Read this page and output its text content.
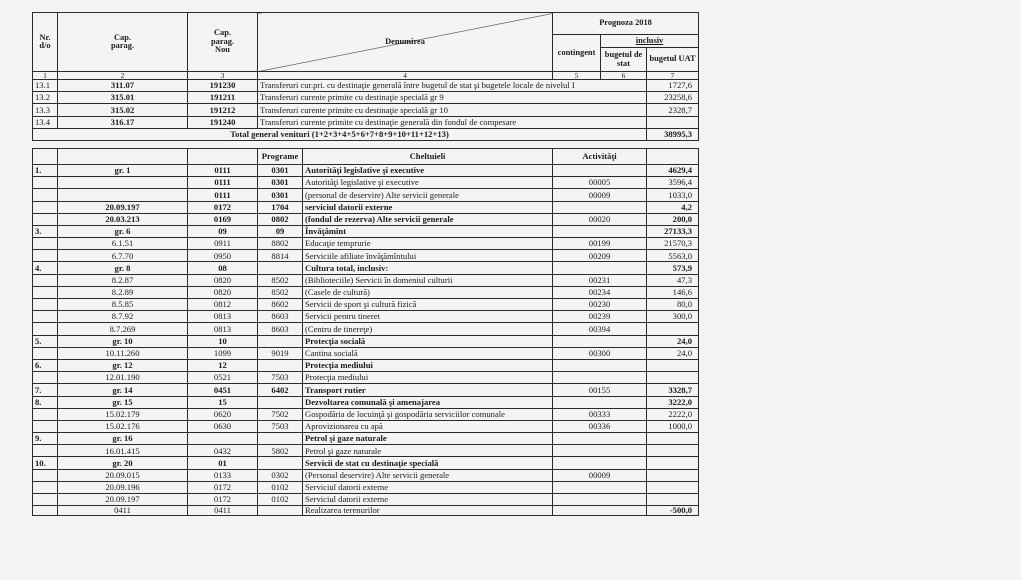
Nr.
d/o	Cap.
parag.	Cap.
parag.
Nou	Denumirea		Prognoza 2018		
					contingent	inclusiv	
						bugetul de stat	bugetul UAT
1	2	3	4		5	6	7
13.1	311.07	191230	Transferuri cur.pri. cu destinaţie generală între bugetul de stat şi bugetele locale de nivelul I				1727,6
13.2	315.01	191211	Transferuri curente primite cu destinaţie specială gr 9				23258,6
13.3	315.02	191212	Transferuri curente primite cu destinaţie specială gr 10				2328,7
13.4	316.17	191240	Transferuri curente primite cu destinaţie generală din fondul de compesare				
Total general venituri (1+2+3+4+5+6+7+8+9+10+11+12+13)							38995,3

			Programe	Cheltuieli	Activităţi		
1.	gr. 1	0111	0301	Autorităţi legislative şi executive			4629,4
		0111	0301	Autorităţi legislative şi executive	00005		3596,4
		0111	0301	(personal de deservire) Alte servicii generale	00009		1033,0
	20.09.197	0172	1704	serviciul datorii externe			4,2
	20.03.213	0169	0802	(fondul de rezerva) Alte servicii generale	00020		200,0
3.	gr. 6	09	09	Învăţămînt			27133,3
	6.1.51	0911	8802	Educaţie temprurie	00199		21570,3
	6.7.70	0950	8814	Serviciile afiliate învăţămîntului	00209		5563,0
4.	gr. 8	08		Cultura total, inclusiv:			573,9
	8.2.87	0820	8502	(Biblioteciile) Servicii în domeniul culturii	00231		47,3
	8.2.89	0820	8502	(Casele de cultură)	00234		146,6
	8.5.85	0812	8602	Servicii de sport şi cultură fizică	00230		80,0
	8.7.92	0813	8603	Servicii pentru tineret	00239		300,0
	8.7.269	0813	8603	(Centru de tinereţe)	00394		
5.	gr. 10	10		Protecţia socială			24,0
	10.11.260	1099	9019	Cantina socială	00300		24,0
6.	gr. 12	12		Protecţia mediului			
	12.01.190	0521	7503	Protecţia mediului			
7.	gr. 14	0451	6402	Transport rutier	00155		3328,7
8.	gr. 15	15		Dezvoltarea comunală şi amenajarea			3222,0
	15.02.179	0620	7502	Gospodăria de locuinţă şi gospodăria serviciilor comunale	00333		2222,0
	15.02.176	0630	7503	Aprovizionarea cu apă	00336		1000,0
9.	gr. 16			Petrol şi gaze naturale			
	16.01.415	0432	5802	Petrol şi gaze naturale			
10.	gr. 20	01		Servicii de stat cu destinaţie specială			
	20.09.015	0133	0302	(Personal deservire) Alte servicii generale	00009		
	20.09.196	0172	0102	Serviciul datorii externe			
	20.09.197	0172	0102	Serviciul datorii externe			
	0411	0411		Realizarea terenurilor			-500,0
